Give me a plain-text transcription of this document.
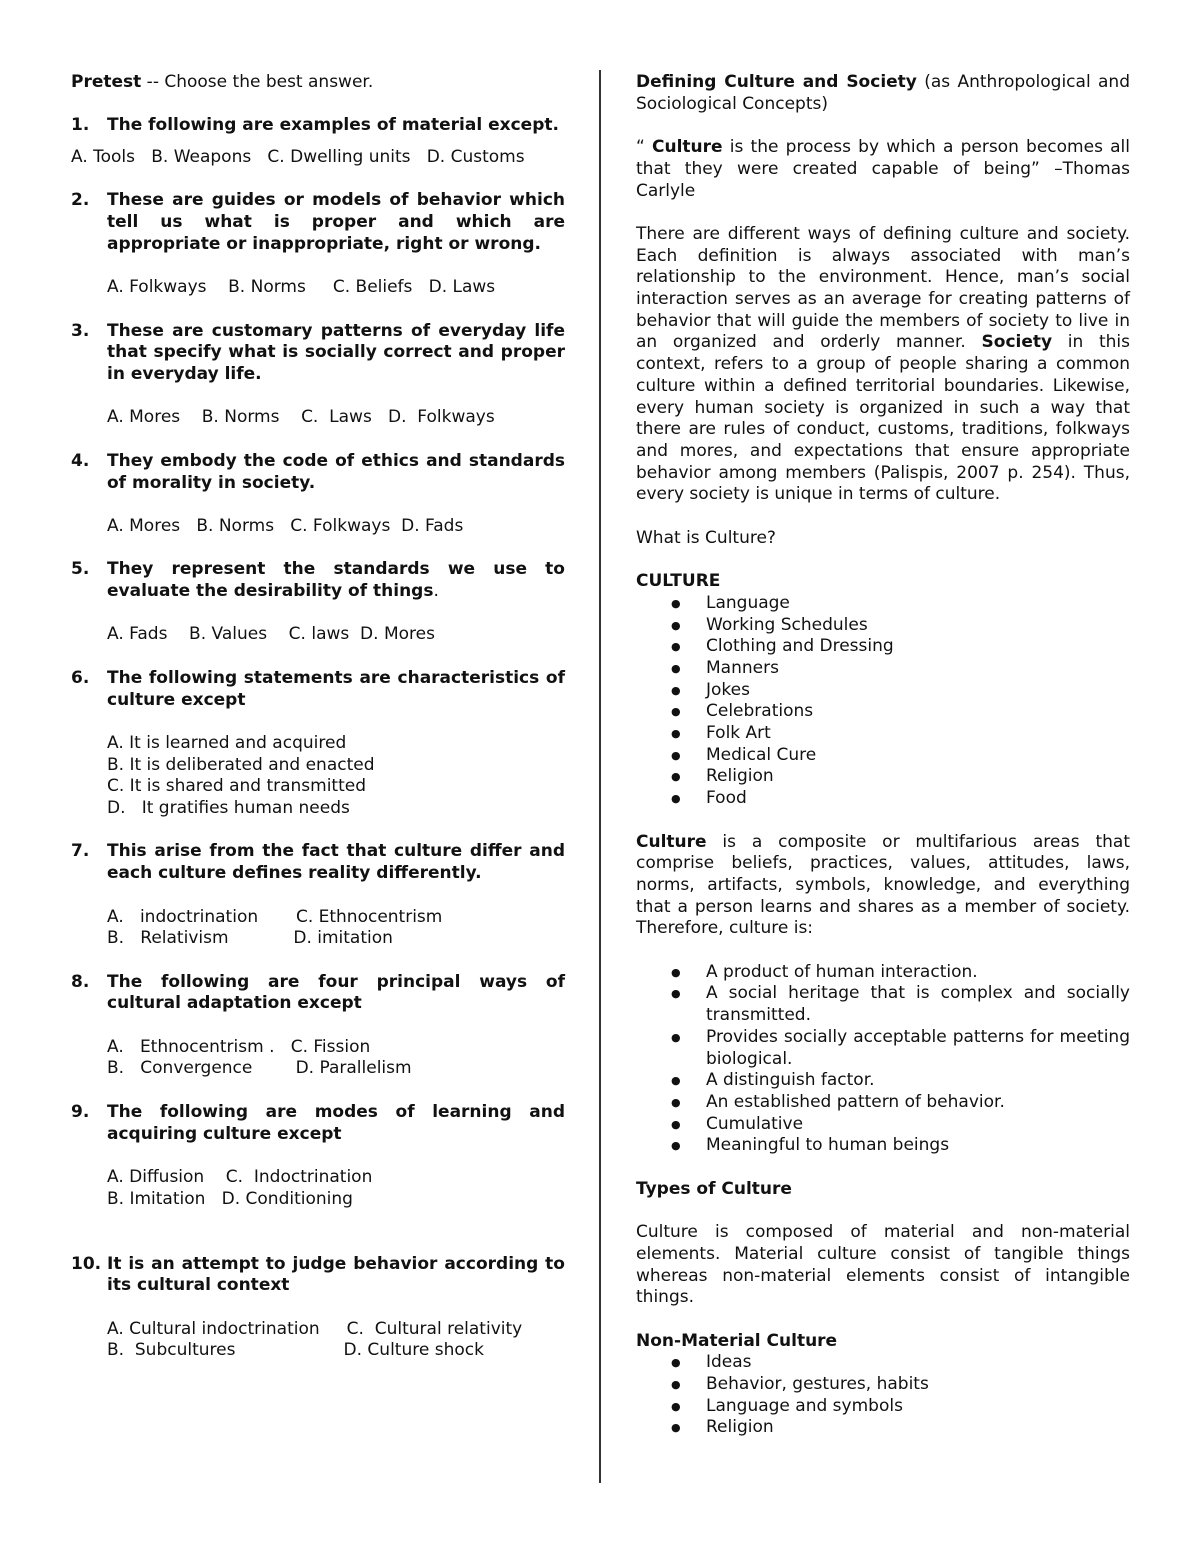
Pretest -- Choose the best answer.

1.	The following are examples of material except.
A. Tools   B. Weapons   C. Dwelling units   D. Customs
2.	These are guides or models of behavior which tell us what is proper and which are appropriate or inappropriate, right or wrong.
A. Folkways    B. Norms     C. Beliefs   D. Laws
3.	These are customary patterns of everyday life that specify what is socially correct and proper in everyday life.
A. Mores    B. Norms    C.  Laws   D.  Folkways
4.	They embody the code of ethics and standards of morality in society.
A. Mores   B. Norms   C. Folkways  D. Fads
5.	They represent the standards we use to evaluate the desirability of things.
A. Fads    B. Values    C. laws  D. Mores
6.	The following statements are characteristics of culture except
A. It is learned and acquired
B. It is deliberated and enacted
C. It is shared and transmitted
D.   It gratifies human needs
7.	This arise from the fact that culture differ and each culture defines reality differently.
A.   indoctrination       C. Ethnocentrism
B.   Relativism            D. imitation
8.	The following are four principal ways of cultural adaptation except
A.   Ethnocentrism .   C. Fission
B.   Convergence        D. Parallelism
9.	The following are modes of learning and acquiring culture except
A. Diffusion    C.  Indoctrination
B. Imitation   D. Conditioning
10. It is an attempt to judge behavior according to its cultural context
A. Cultural indoctrination     C.  Cultural relativity
B.  Subcultures                    D. Culture shock

Defining Culture and Society (as Anthropological and Sociological Concepts)

“ Culture is the process by which a person becomes all that they were created capable of being” –Thomas Carlyle

There are different ways of defining culture and society. Each definition is always associated with man’s relationship to the environment. Hence, man’s social interaction serves as an average for creating patterns of behavior that will guide the members of society to live in an organized and orderly manner. Society in this context, refers to a group of people sharing a common culture within a defined territorial boundaries. Likewise, every human society is organized in such a way that there are rules of conduct, customs, traditions, folkways and mores, and expectations that ensure appropriate behavior among members (Palispis, 2007 p. 254). Thus, every society is unique in terms of culture.

What is Culture?

CULTURE

● Language
● Working Schedules
● Clothing and Dressing
● Manners
● Jokes
● Celebrations
● Folk Art
● Medical Cure
● Religion
● Food

Culture is a composite or multifarious areas that comprise beliefs, practices, values, attitudes, laws, norms, artifacts, symbols, knowledge, and everything that a person learns and shares as a member of society. Therefore, culture is:

● A product of human interaction.
● A social heritage that is complex and socially transmitted.
● Provides socially acceptable patterns for meeting biological.
● A distinguish factor.
● An established pattern of behavior.
● Cumulative
● Meaningful to human beings

Types of Culture

Culture is composed of material and non-material elements. Material culture consist of tangible things whereas non-material elements consist of intangible things.

Non-Material Culture

● Ideas
● Behavior, gestures, habits
● Language and symbols
● Religion
